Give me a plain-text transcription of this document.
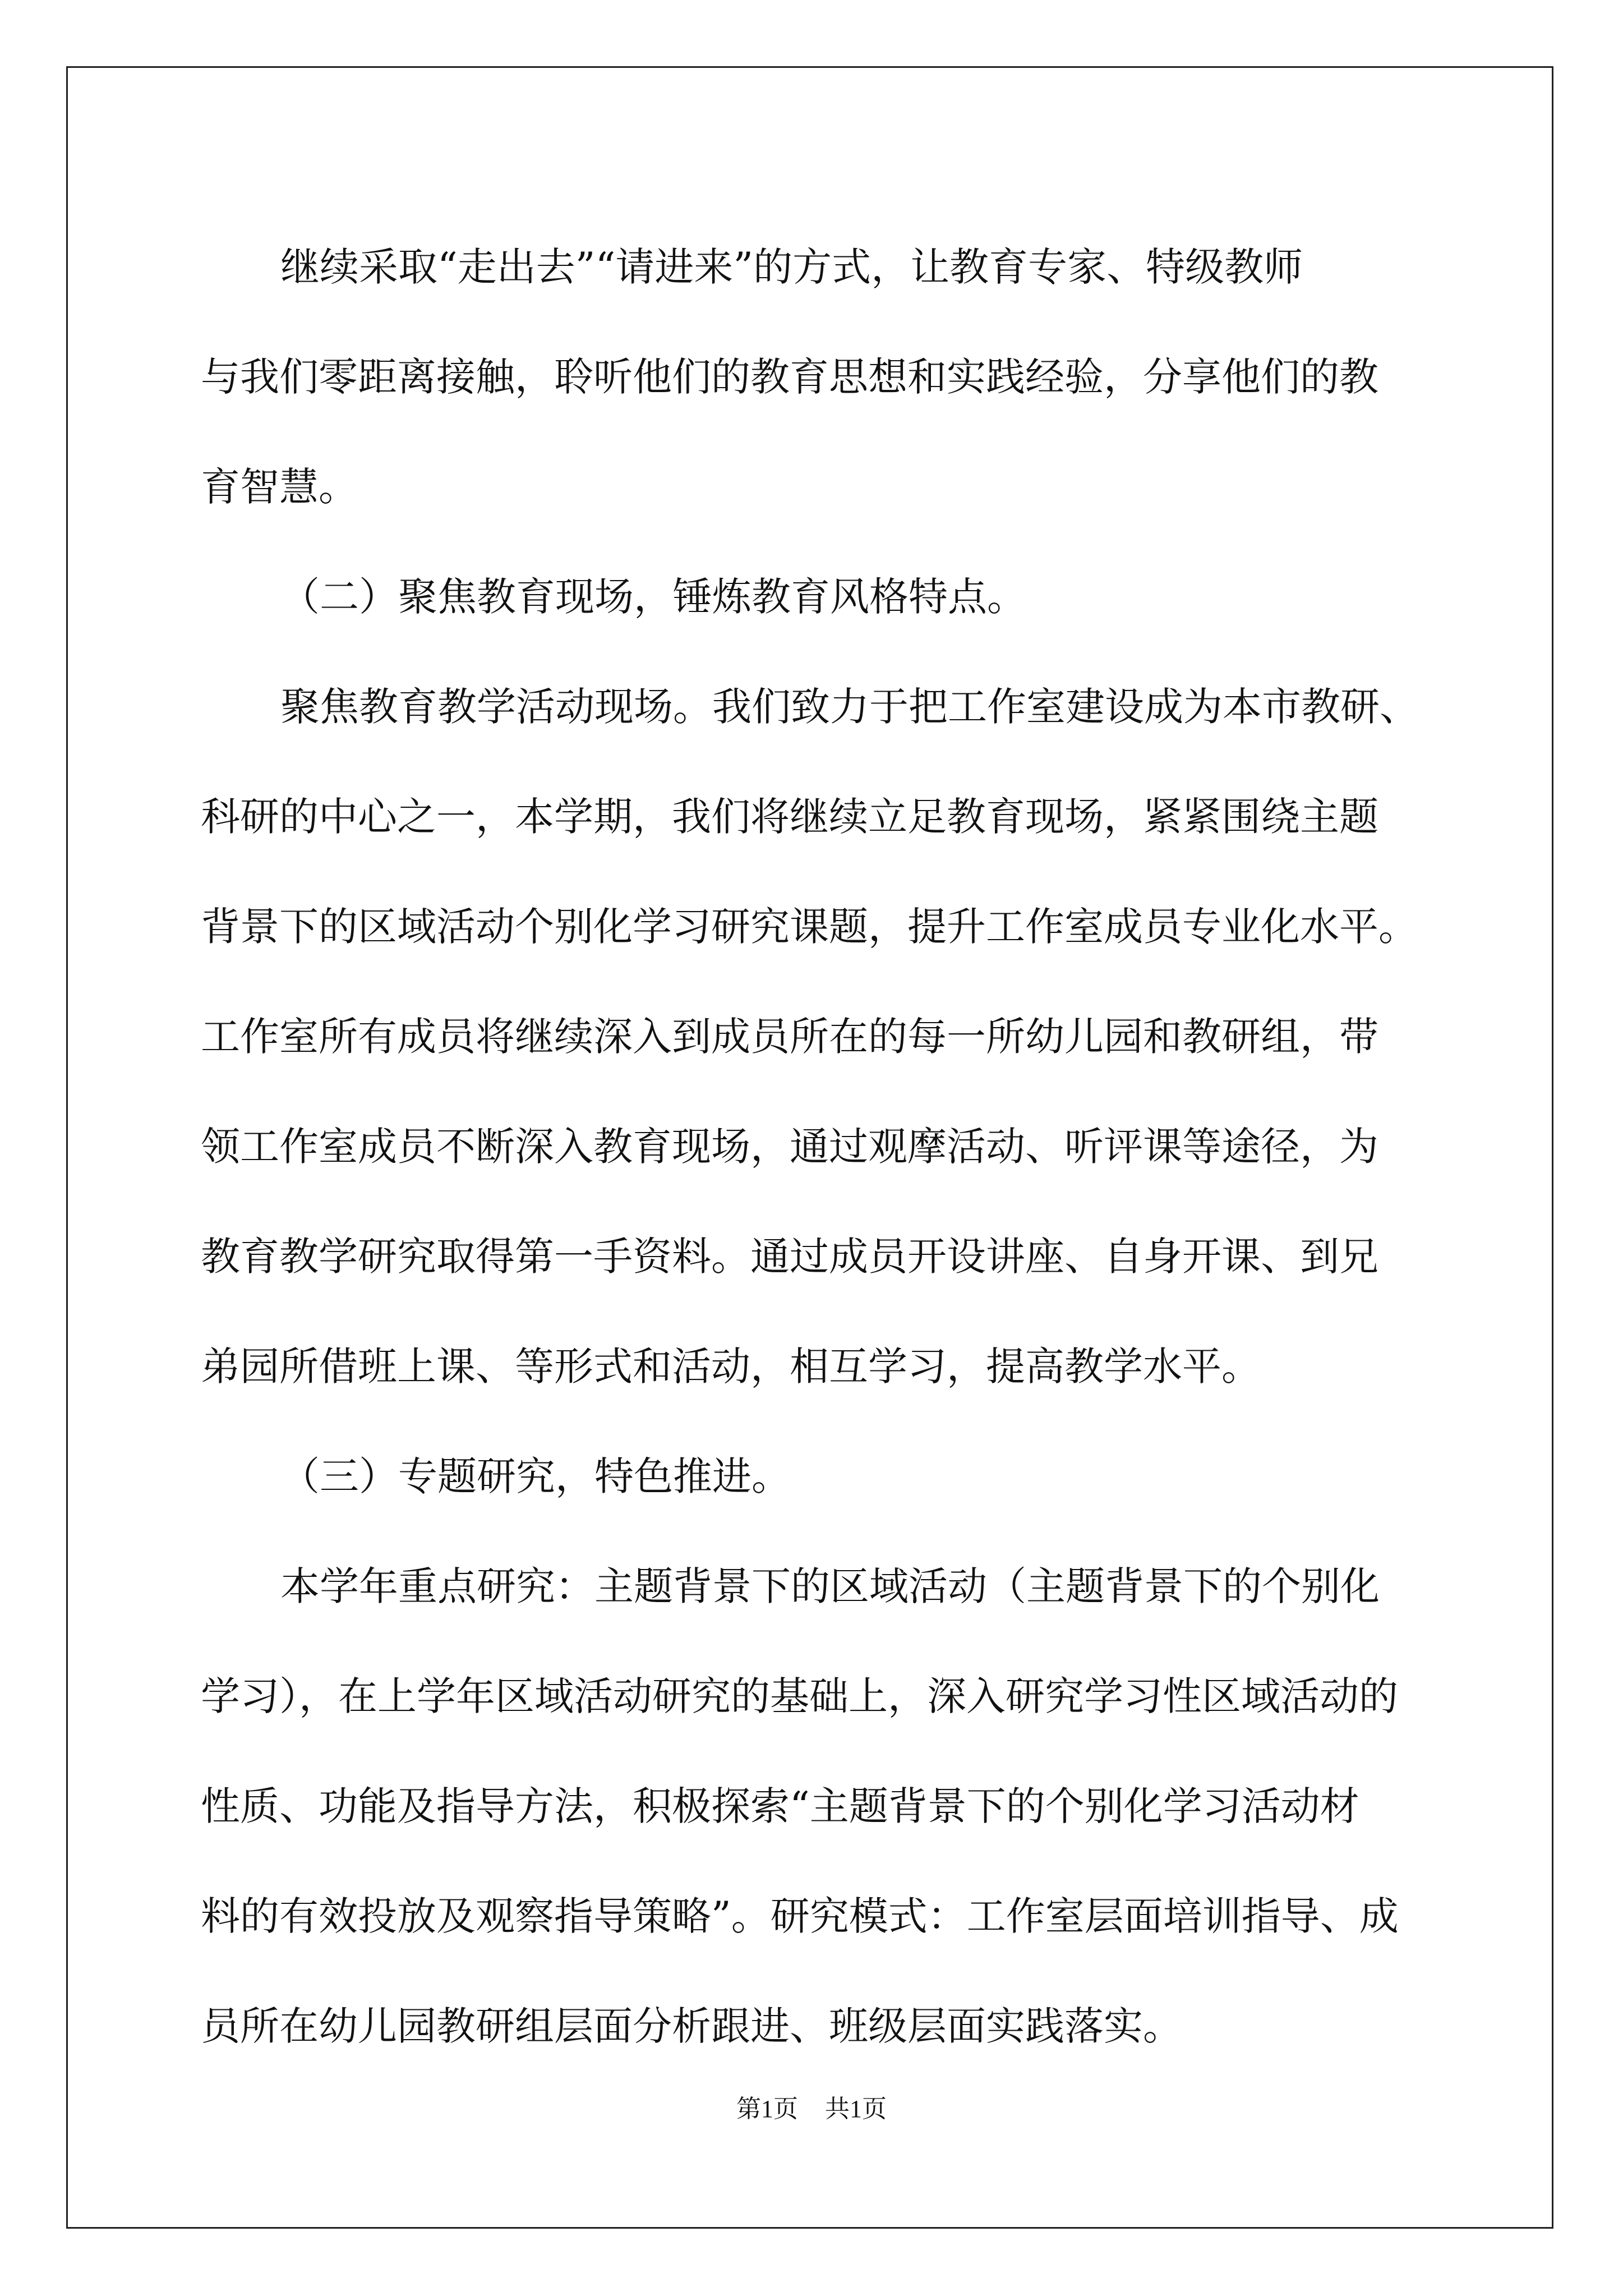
继续采取“走出去”“请进来”的方式，让教育专家、特级教师
与我们零距离接触，聆听他们的教育思想和实践经验，分享他们的教
育智慧。
（二）聚焦教育现场，锤炼教育风格特点。
聚焦教育教学活动现场。我们致力于把工作室建设成为本市教研、
科研的中心之一，本学期，我们将继续立足教育现场，紧紧围绕主题
背景下的区域活动个别化学习研究课题，提升工作室成员专业化水平。
工作室所有成员将继续深入到成员所在的每一所幼儿园和教研组，带
领工作室成员不断深入教育现场，通过观摩活动、听评课等途径，为
教育教学研究取得第一手资料。通过成员开设讲座、自身开课、到兄
弟园所借班上课、等形式和活动，相互学习，提高教学水平。
（三）专题研究，特色推进。
本学年重点研究：主题背景下的区域活动（主题背景下的个别化
学习），在上学年区域活动研究的基础上，深入研究学习性区域活动的
性质、功能及指导方法，积极探索“主题背景下的个别化学习活动材
料的有效投放及观察指导策略”。研究模式：工作室层面培训指导、成
员所在幼儿园教研组层面分析跟进、班级层面实践落实。
第1页 共1页
